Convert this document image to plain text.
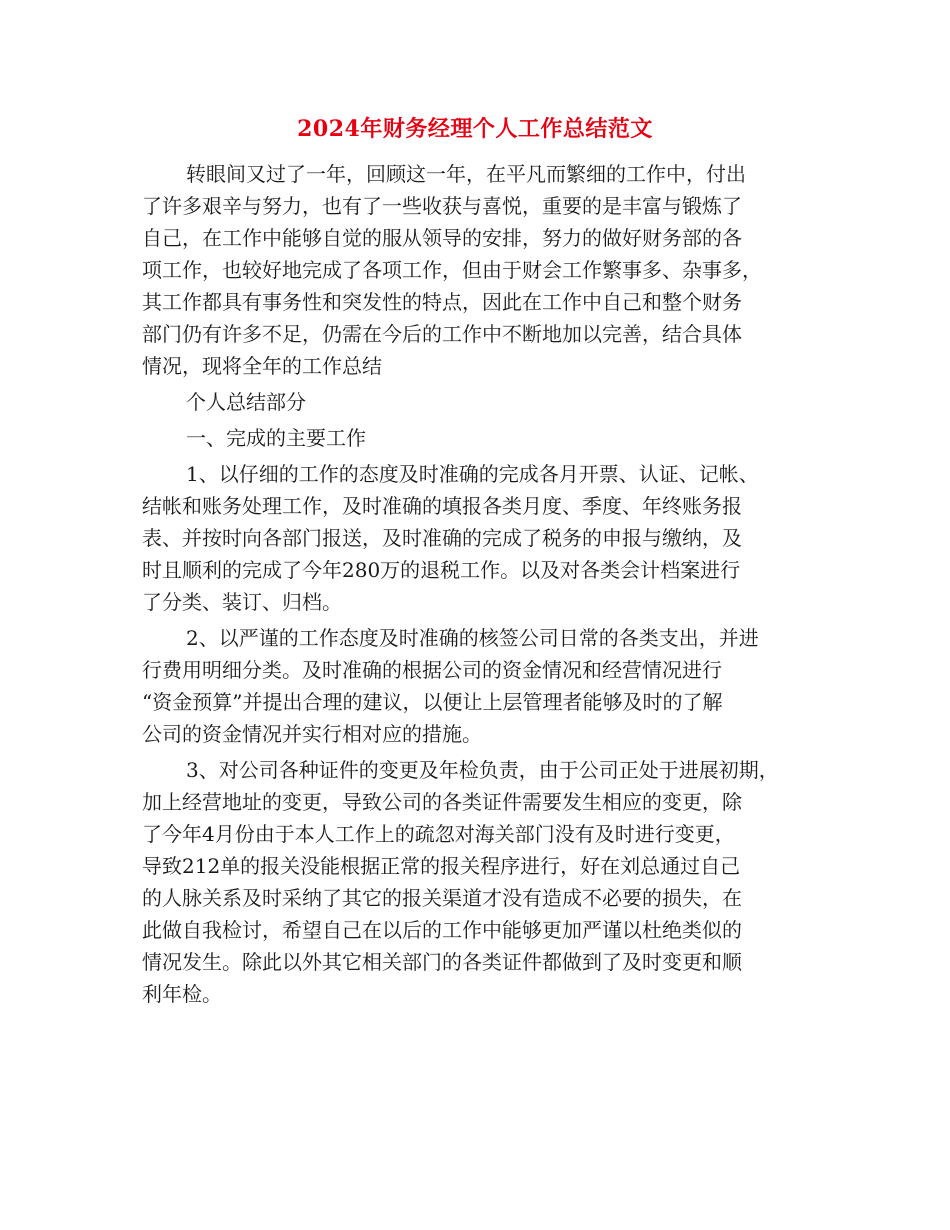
2024年财务经理个人工作总结范文
转眼间又过了一年，回顾这一年，在平凡而繁细的工作中，付出
了许多艰辛与努力，也有了一些收获与喜悦，重要的是丰富与锻炼了
自己，在工作中能够自觉的服从领导的安排，努力的做好财务部的各
项工作，也较好地完成了各项工作，但由于财会工作繁事多、杂事多，
其工作都具有事务性和突发性的特点，因此在工作中自己和整个财务
部门仍有许多不足，仍需在今后的工作中不断地加以完善，结合具体
情况，现将全年的工作总结
个人总结部分
一、完成的主要工作
1、以仔细的工作的态度及时准确的完成各月开票、认证、记帐、
结帐和账务处理工作，及时准确的填报各类月度、季度、年终账务报
表、并按时向各部门报送，及时准确的完成了税务的申报与缴纳，及
时且顺利的完成了今年280万的退税工作。以及对各类会计档案进行
了分类、装订、归档。
2、以严谨的工作态度及时准确的核签公司日常的各类支出，并进
行费用明细分类。及时准确的根据公司的资金情况和经营情况进行
“资金预算”并提出合理的建议，以便让上层管理者能够及时的了解
公司的资金情况并实行相对应的措施。
3、对公司各种证件的变更及年检负责，由于公司正处于进展初期，
加上经营地址的变更，导致公司的各类证件需要发生相应的变更，除
了今年4月份由于本人工作上的疏忽对海关部门没有及时进行变更，
导致212单的报关没能根据正常的报关程序进行，好在刘总通过自己
的人脉关系及时采纳了其它的报关渠道才没有造成不必要的损失，在
此做自我检讨，希望自己在以后的工作中能够更加严谨以杜绝类似的
情况发生。除此以外其它相关部门的各类证件都做到了及时变更和顺
利年检。
